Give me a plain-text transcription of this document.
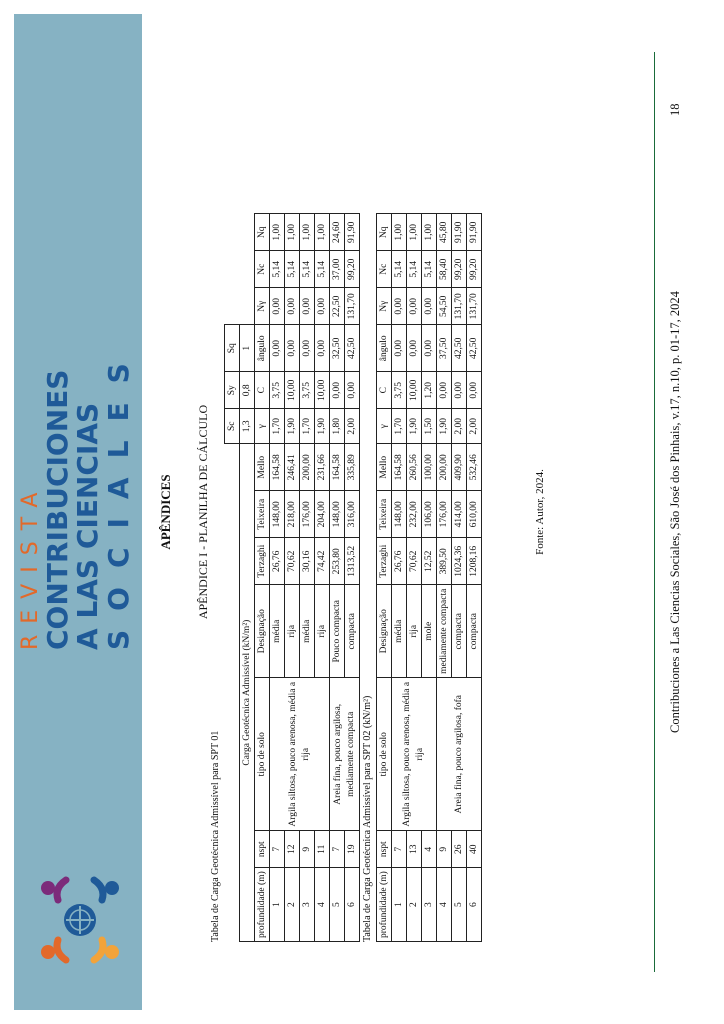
REVISTA
CONTRIBUCIONES
A LAS CIENCIAS
SOCIALES APÊNDICES APÊNDICE I - PLANILHA DE CÁLCULO
Tabela de Carga Geotécnica Admissível para SPT 01
							Sc	Sy	Sq			
Carga Geotécnica Admissível (kN/m²)							1,3	0,8	1			
profundidade (m)	nspt	tipo de solo	Designação	Terzaghi	Teixeira	Mello	γ	C	ângulo	Nγ	Nc	Nq
1	7	Argila siltosa, pouco arenosa, média a rija	média	26,76	148,00	164,58	1,70	3,75	0,00	0,00	5,14	1,00
2	12		rija	70,62	218,00	246,41	1,90	10,00	0,00	0,00	5,14	1,00
3	9		média	30,16	176,00	200,00	1,70	3,75	0,00	0,00	5,14	1,00
4	11		rija	74,42	204,00	231,66	1,90	10,00	0,00	0,00	5,14	1,00
5	7	Areia fina, pouco argilosa, mediamente compacta	Pouco compacta	253,80	148,00	164,58	1,80	0,00	32,50	22,50	37,00	24,60
6	19		compacta	1313,52	316,00	335,89	2,00	0,00	42,50	131,70	99,20	91,90
Tabela de Carga Geotécnica Admissível para SPT 02 (kN/m²) profundidade (m)	nspt	tipo de solo	Designação	Terzaghi	Teixeira	Mello	γ	C	ângulo	Nγ	Nc	Nq
1	7	Argila siltosa, pouco arenosa, média a rija	média	26,76	148,00	164,58	1,70	3,75	0,00	0,00	5,14	1,00
2	13		rija	70,62	232,00	260,56	1,90	10,00	0,00	0,00	5,14	1,00
3	4		mole	12,52	106,00	100,00	1,50	1,20	0,00	0,00	5,14	1,00
4	9	Areia fina, pouco argilosa, fofa	mediamente compacta	389,50	176,00	200,00	1,90	0,00	37,50	54,50	58,40	45,80
5	26		compacta	1024,36	414,00	409,90	2,00	0,00	42,50	131,70	99,20	91,90
6	40		compacta	1208,16	610,00	532,46	2,00	0,00	42,50	131,70	99,20	91,90
Fonte: Autor, 2024.	Contribuciones a Las Ciencias Sociales, São José dos Pinhais, v.17, n.10, p. 01-17, 2024
18
